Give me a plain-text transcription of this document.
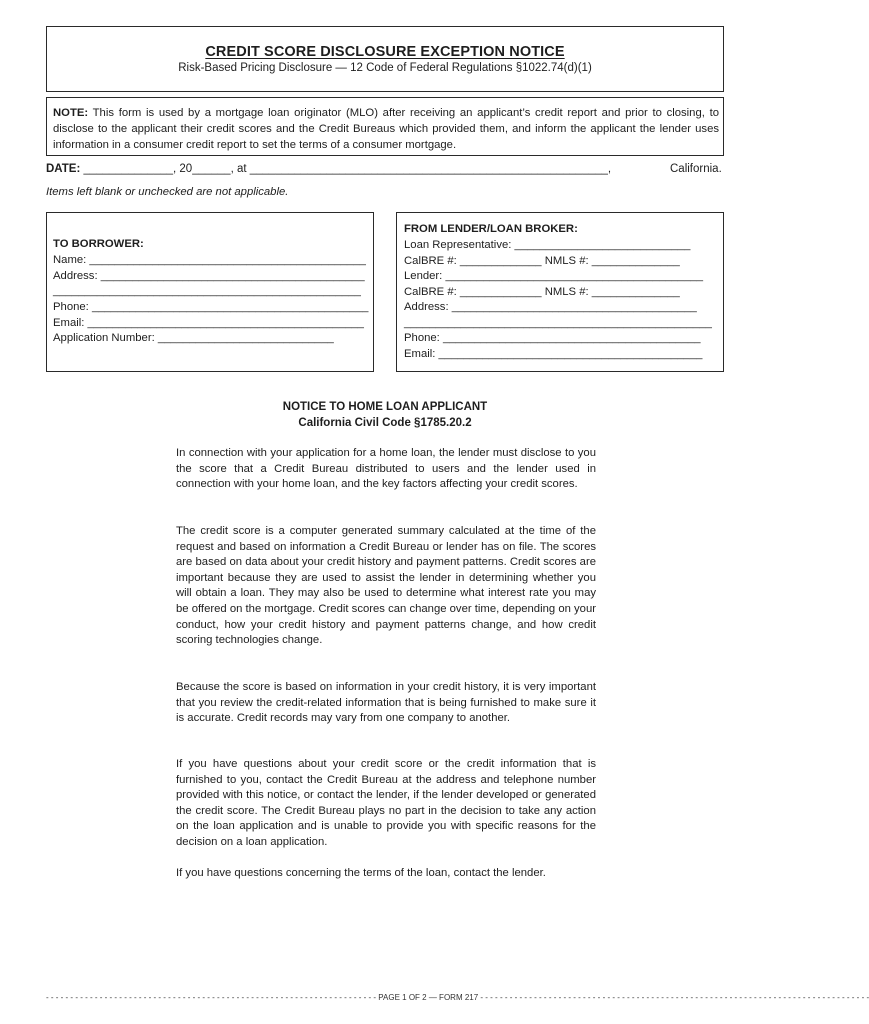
CREDIT SCORE DISCLOSURE EXCEPTION NOTICE
Risk-Based Pricing Disclosure — 12 Code of Federal Regulations §1022.74(d)(1)
NOTE: This form is used by a mortgage loan originator (MLO) after receiving an applicant’s credit report and prior to closing, to disclose to the applicant their credit scores and the Credit Bureaus which provided them, and inform the applicant the lender uses information in a consumer credit report to set the terms of a consumer mortgage.
DATE: ______________, 20______, at ________________________________________________________,	California.
Items left blank or unchecked are not applicable.
TO BORROWER:
Name: ____________________________________________
Address: __________________________________________
_________________________________________________
Phone: ____________________________________________
Email: ____________________________________________
Application Number: ____________________________
FROM LENDER/LOAN BROKER:
Loan Representative: ____________________________
CalBRE #: _____________ NMLS #: ______________
Lender: _________________________________________
CalBRE #: _____________ NMLS #: ______________
Address: _______________________________________
_________________________________________________
Phone: _________________________________________
Email: __________________________________________
NOTICE TO HOME LOAN APPLICANT
California Civil Code §1785.20.2
In connection with your application for a home loan, the lender must disclose to you the score that a Credit Bureau distributed to users and the lender used in connection with your home loan, and the key factors affecting your credit scores.
The credit score is a computer generated summary calculated at the time of the request and based on information a Credit Bureau or lender has on file. The scores are based on data about your credit history and payment patterns. Credit scores are important because they are used to assist the lender in determining whether you will obtain a loan. They may also be used to determine what interest rate you may be offered on the mortgage. Credit scores can change over time, depending on your conduct, how your credit history and payment patterns change, and how credit scoring technologies change.
Because the score is based on information in your credit history, it is very important that you review the credit-related information that is being furnished to make sure it is accurate. Credit records may vary from one company to another.
If you have questions about your credit score or the credit information that is furnished to you, contact the Credit Bureau at the address and telephone number provided with this notice, or contact the lender, if the lender developed or generated the credit score. The Credit Bureau plays no part in the decision to take any action on the loan application and is unable to provide you with specific reasons for the decision on a loan application.
If you have questions concerning the terms of the loan, contact the lender.
- - - - - - - - - - - - - - - - - - - - - - - - - - - - - - - - - - - - - - - - - - - - - - - - - - - - - - - - - - - - - - - - - - - - PAGE 1 OF 2 — FORM 217 - - - - - - - - - - - - - - - - - - - - - - - - - - - - - - - - - - - - - - - - - - - - - - - - - - - - - - - - - - - - - - - - - - - - - - - - - - - - - - - -
